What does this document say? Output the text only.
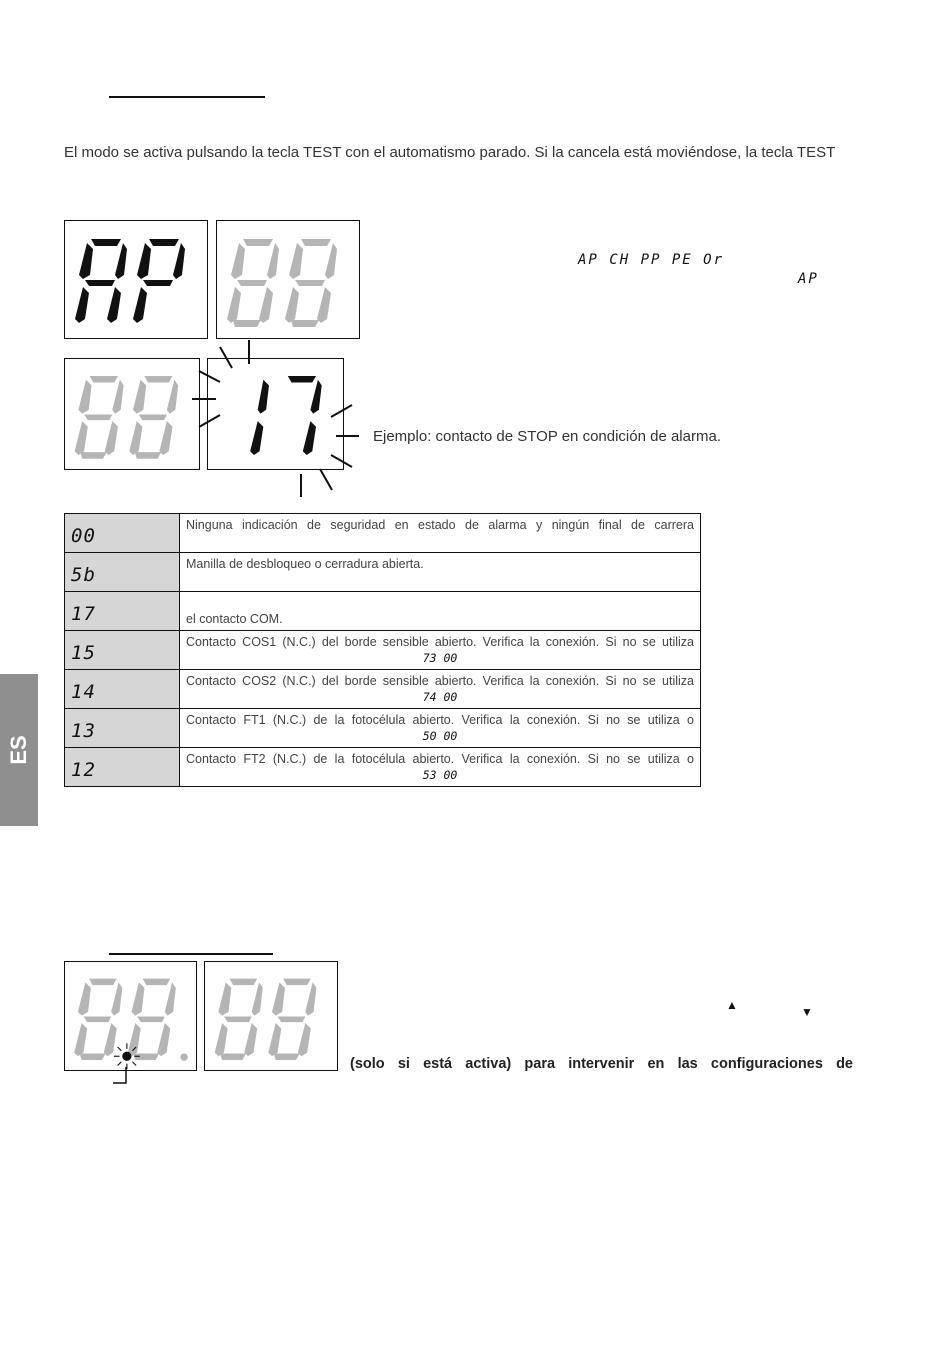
El modo se activa pulsando la tecla TEST con el automatismo parado. Si la cancela está moviéndose, la tecla TEST
AP CH PP PE Or
AP
Ejemplo: contacto de STOP en condición de alarma.
ES
00	Ninguna indicación de seguridad en estado de alarma y ningún final de carrera

5b	Manilla de desbloqueo o cerradura abierta.

17	el contacto COM.

15	Contacto COS1 (N.C.) del borde sensible abierto. Verifica la conexión. Si no se utiliza
73 00

14	Contacto COS2 (N.C.) del borde sensible abierto. Verifica la conexión. Si no se utiliza
74 00

13	Contacto FT1 (N.C.) de la fotocélula abierto. Verifica la conexión. Si no se utiliza o
50 00

12	Contacto FT2 (N.C.) de la fotocélula abierto. Verifica la conexión. Si no se utiliza o
53 00
▲	▼
(solo si está activa) para intervenir en las configuraciones de
